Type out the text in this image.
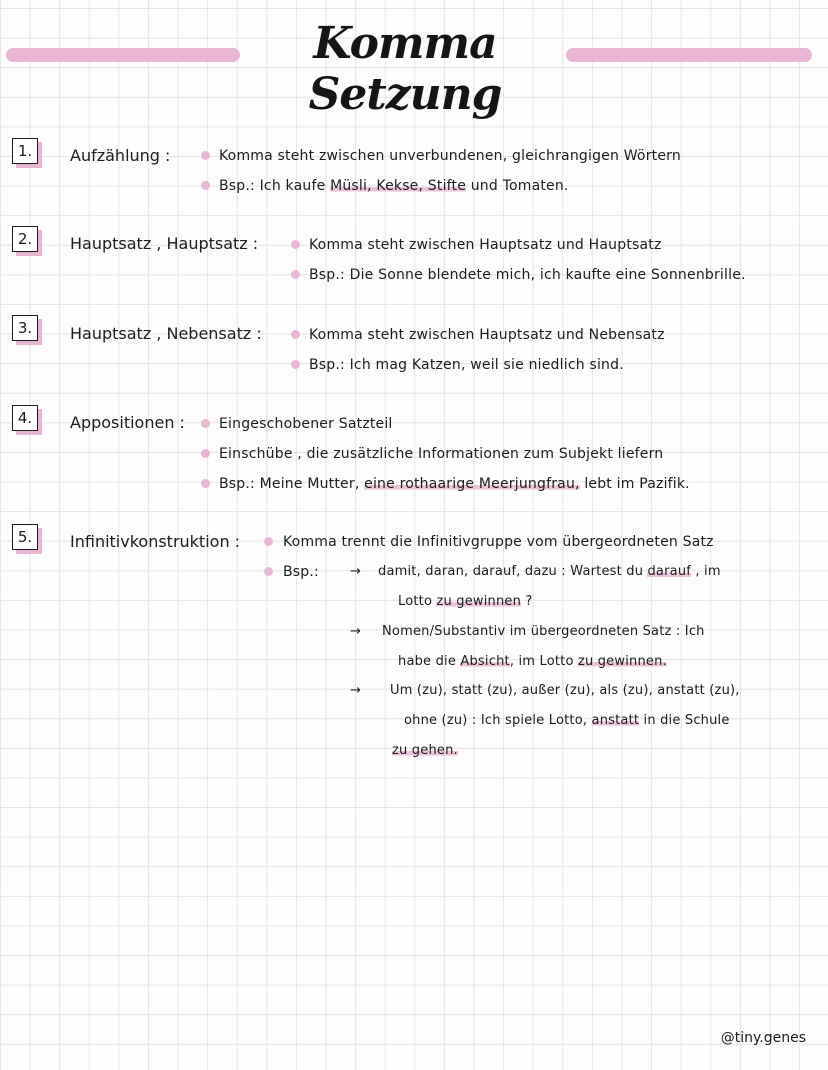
Komma Setzung
1.	Aufzählung :	Komma steht zwischen unverbundenen, gleichrangigen Wörtern
Bsp.: Ich kaufe Müsli, Kekse, Stifte und Tomaten.
2.	Hauptsatz , Hauptsatz :	Komma steht zwischen Hauptsatz und Hauptsatz
Bsp.: Die Sonne blendete mich, ich kaufte eine Sonnenbrille.
3.	Hauptsatz , Nebensatz :	Komma steht zwischen Hauptsatz und Nebensatz
Bsp.: Ich mag Katzen, weil sie niedlich sind.
4.	Appositionen : Eingeschobener Satzteil
Einschübe , die zusätzliche Informationen zum Subjekt liefern
Bsp.: Meine Mutter, eine rothaarige Meerjungfrau, lebt im Pazifik.
5.	Infinitivkonstruktion :	Komma trennt die Infinitivgruppe vom übergeordneten Satz
Bsp.: → damit, daran, darauf, dazu : Wartest du darauf , im
Lotto zu gewinnen ?
→ Nomen/Substantiv im übergeordneten Satz : Ich
habe die Absicht, im Lotto zu gewinnen.
→ Um (zu), statt (zu), außer (zu), als (zu), anstatt (zu),
ohne (zu) : Ich spiele Lotto, anstatt in die Schule
zu gehen.
@tiny.genes
